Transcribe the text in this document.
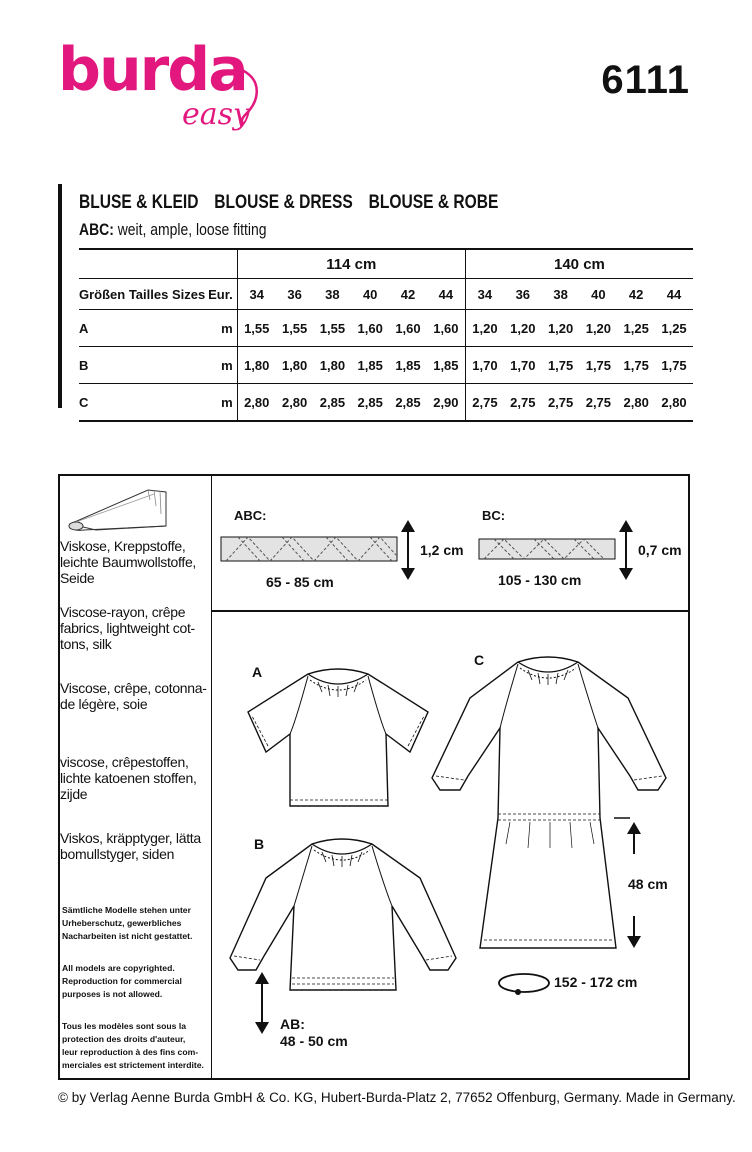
burda
easy
6111
BLUSE & KLEID BLOUSE & DRESS BLOUSE & ROBE
ABC: weit, ample, loose fitting
		114 cm						140 cm					
Größen Tailles Sizes	Eur.	34	36	38	40	42	44	34	36	38	40	42	44
A	m	1,55	1,55	1,55	1,60	1,60	1,60	1,20	1,20	1,20	1,20	1,25	1,25
B	m	1,80	1,80	1,80	1,85	1,85	1,85	1,70	1,70	1,75	1,75	1,75	1,75
C	m	2,80	2,80	2,85	2,85	2,85	2,90	2,75	2,75	2,75	2,75	2,80	2,80
Viskose, Kreppstoffe,
leichte Baumwollstoffe,
Seide
Viscose-rayon, crêpe
fabrics, lightweight cot-
tons, silk
Viscose, crêpe, cotonna-
de légère, soie
viscose, crêpestoffen,
lichte katoenen stoffen,
zijde
Viskos, kräpptyger, lätta
bomullstyger, siden
Sämtliche Modelle stehen unter
Urheberschutz, gewerbliches
Nacharbeiten ist nicht gestattet.
All models are copyrighted.
Reproduction for commercial
purposes is not allowed.
Tous les modèles sont sous la
protection des droits d'auteur,
leur reproduction à des fins com-
merciales est strictement interdite.
ABC:
1,2 cm
65 - 85 cm
BC:
0,7 cm
105 - 130 cm
A
B
AB:
48 - 50 cm
C
48 cm
152 - 172 cm
© by Verlag Aenne Burda GmbH & Co. KG, Hubert-Burda-Platz 2, 77652 Offenburg, Germany. Made in Germany.
